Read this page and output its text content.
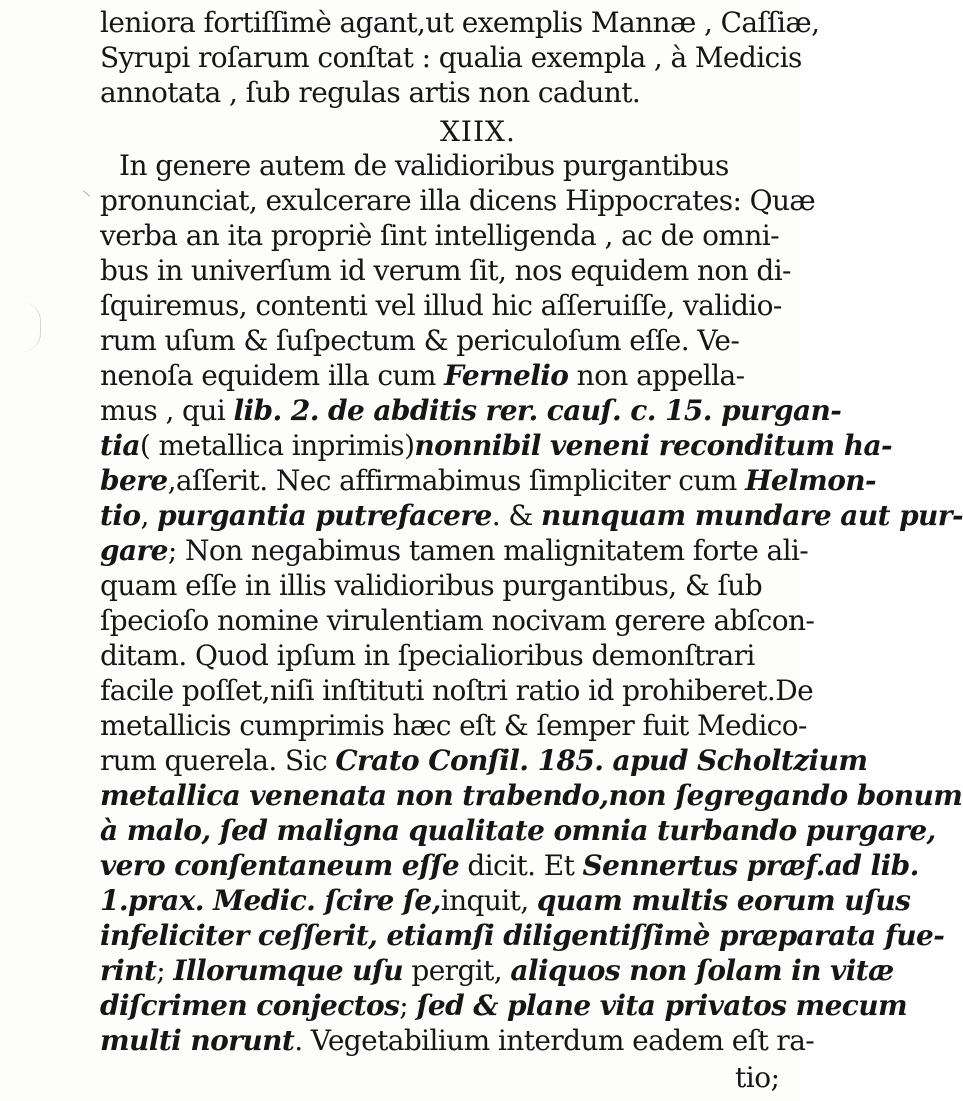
leniora fortiſſimè agant,ut exemplis Mannæ , Caſſiæ,
Syrupi roſarum conſtat : qualia exempla , à Medicis
annotata , ſub regulas artis non cadunt.
XIIX.
In genere autem de validioribus purgantibus
pronunciat, exulcerare illa dicens Hippocrates: Quæ
verba an ita propriè ſint intelligenda , ac de omni-
bus in univerſum id verum ſit, nos equidem non di-
ſquiremus, contenti vel illud hic aſſeruiſſe, validio-
rum uſum & ſuſpectum & periculoſum eſſe. Ve-
nenoſa equidem illa cum Fernelio non appella-
mus , qui lib. 2. de abditis rer. cauſ. c. 15. purgan-
tia( metallica inprimis)nonnibil veneni reconditum ha-
bere,aſſerit. Nec affirmabimus ſimpliciter cum Helmon-
tio, purgantia putrefacere. & nunquam mundare aut pur-
gare; Non negabimus tamen malignitatem forte ali-
quam eſſe in illis validioribus purgantibus, & ſub
ſpecioſo nomine virulentiam nocivam gerere abſcon-
ditam. Quod ipſum in ſpecialioribus demonſtrari
facile poſſet,niſi inſtituti noſtri ratio id prohiberet.De
metallicis cumprimis hæc eſt & ſemper fuit Medico-
rum querela. Sic Crato Conſil. 185. apud Scholtzium
metallica venenata non trabendo,non ſegregando bonum
à malo, ſed maligna qualitate omnia turbando purgare,
vero conſentaneum eſſe dicit. Et Sennertus præf.ad lib.
1.prax. Medic. ſcire ſe,inquit, quam multis eorum uſus
infeliciter ceſſerit, etiamſi diligentiſſimè præparata fue-
rint; Illorumque uſu pergit, aliquos non ſolam in vitæ
diſcrimen conjectos; ſed & plane vita privatos mecum
multi norunt. Vegetabilium interdum eadem eſt ra-
tio;
